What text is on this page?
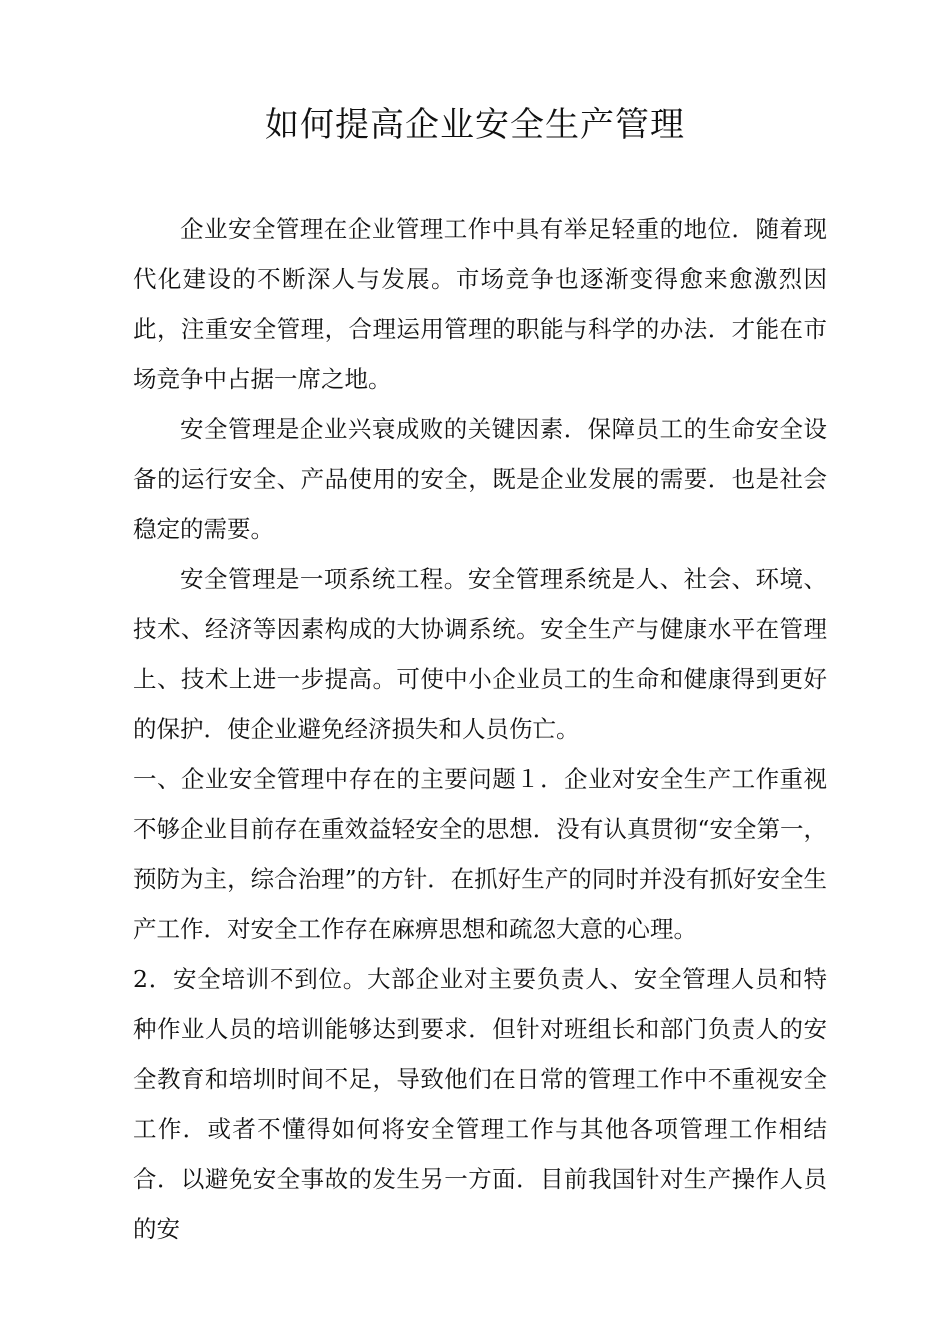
如何提高企业安全生产管理

企业安全管理在企业管理工作中具有举足轻重的地位．随着现代化建设的不断深人与发展。市场竞争也逐渐变得愈来愈激烈因此，注重安全管理，合理运用管理的职能与科学的办法．才能在市场竞争中占据一席之地。

安全管理是企业兴衰成败的关键因素．保障员工的生命安全设备的运行安全、产品使用的安全，既是企业发展的需要．也是社会稳定的需要。

安全管理是一项系统工程。安全管理系统是人、社会、环境、技术、经济等因素构成的大协调系统。安全生产与健康水平在管理上、技术上进一步提高。可使中小企业员工的生命和健康得到更好的保护．使企业避免经济损失和人员伤亡。

一、企业安全管理中存在的主要问题１．企业对安全生产工作重视不够企业目前存在重效益轻安全的思想．没有认真贯彻“安全第一，预防为主，综合治理”的方针．在抓好生产的同时并没有抓好安全生产工作．对安全工作存在麻痹思想和疏忽大意的心理。

2．安全培训不到位。大部企业对主要负责人、安全管理人员和特种作业人员的培训能够达到要求．但针对班组长和部门负责人的安全教育和培圳时间不足，导致他们在日常的管理工作中不重视安全工作．或者不懂得如何将安全管理工作与其他各项管理工作相结合．以避免安全事故的发生另一方面．目前我国针对生产操作人员的安
